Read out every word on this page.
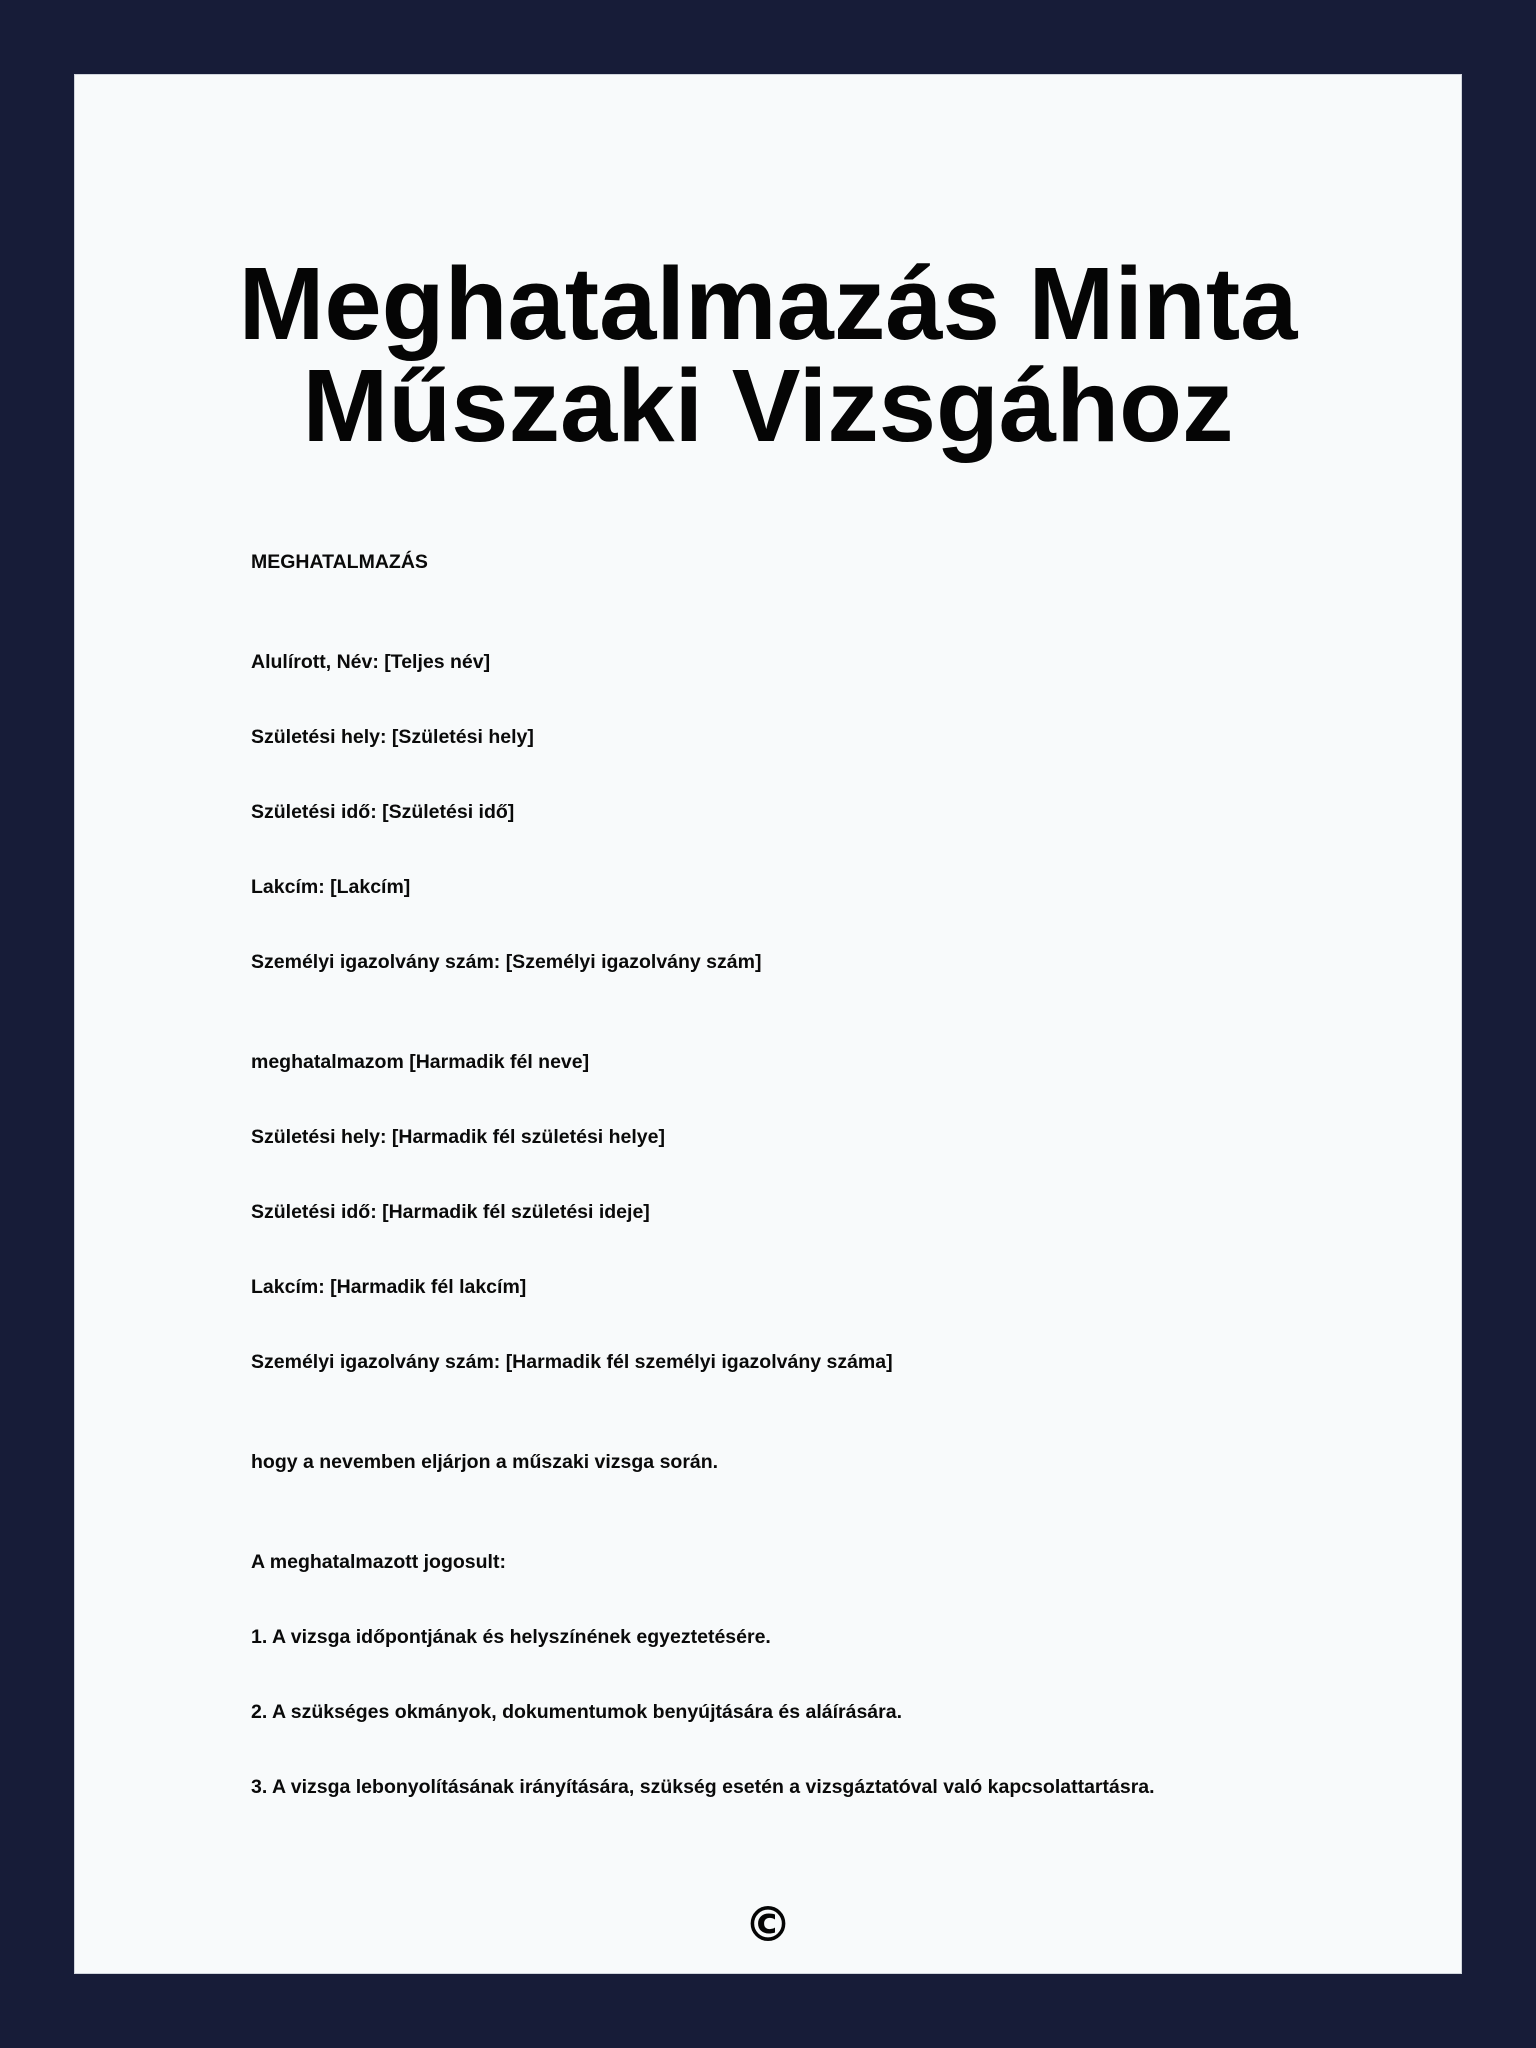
Meghatalmazás Minta
Műszaki Vizsgához

MEGHATALMAZÁS

Alulírott, Név: [Teljes név]

Születési hely: [Születési hely]

Születési idő: [Születési idő]

Lakcím: [Lakcím]

Személyi igazolvány szám: [Személyi igazolvány szám]

meghatalmazom [Harmadik fél neve]

Születési hely: [Harmadik fél születési helye]

Születési idő: [Harmadik fél születési ideje]

Lakcím: [Harmadik fél lakcím]

Személyi igazolvány szám: [Harmadik fél személyi igazolvány száma]

hogy a nevemben eljárjon a műszaki vizsga során.

A meghatalmazott jogosult:

1. A vizsga időpontjának és helyszínének egyeztetésére.

2. A szükséges okmányok, dokumentumok benyújtására és aláírására.

3. A vizsga lebonyolításának irányítására, szükség esetén a vizsgáztatóval való kapcsolattartásra.

©
